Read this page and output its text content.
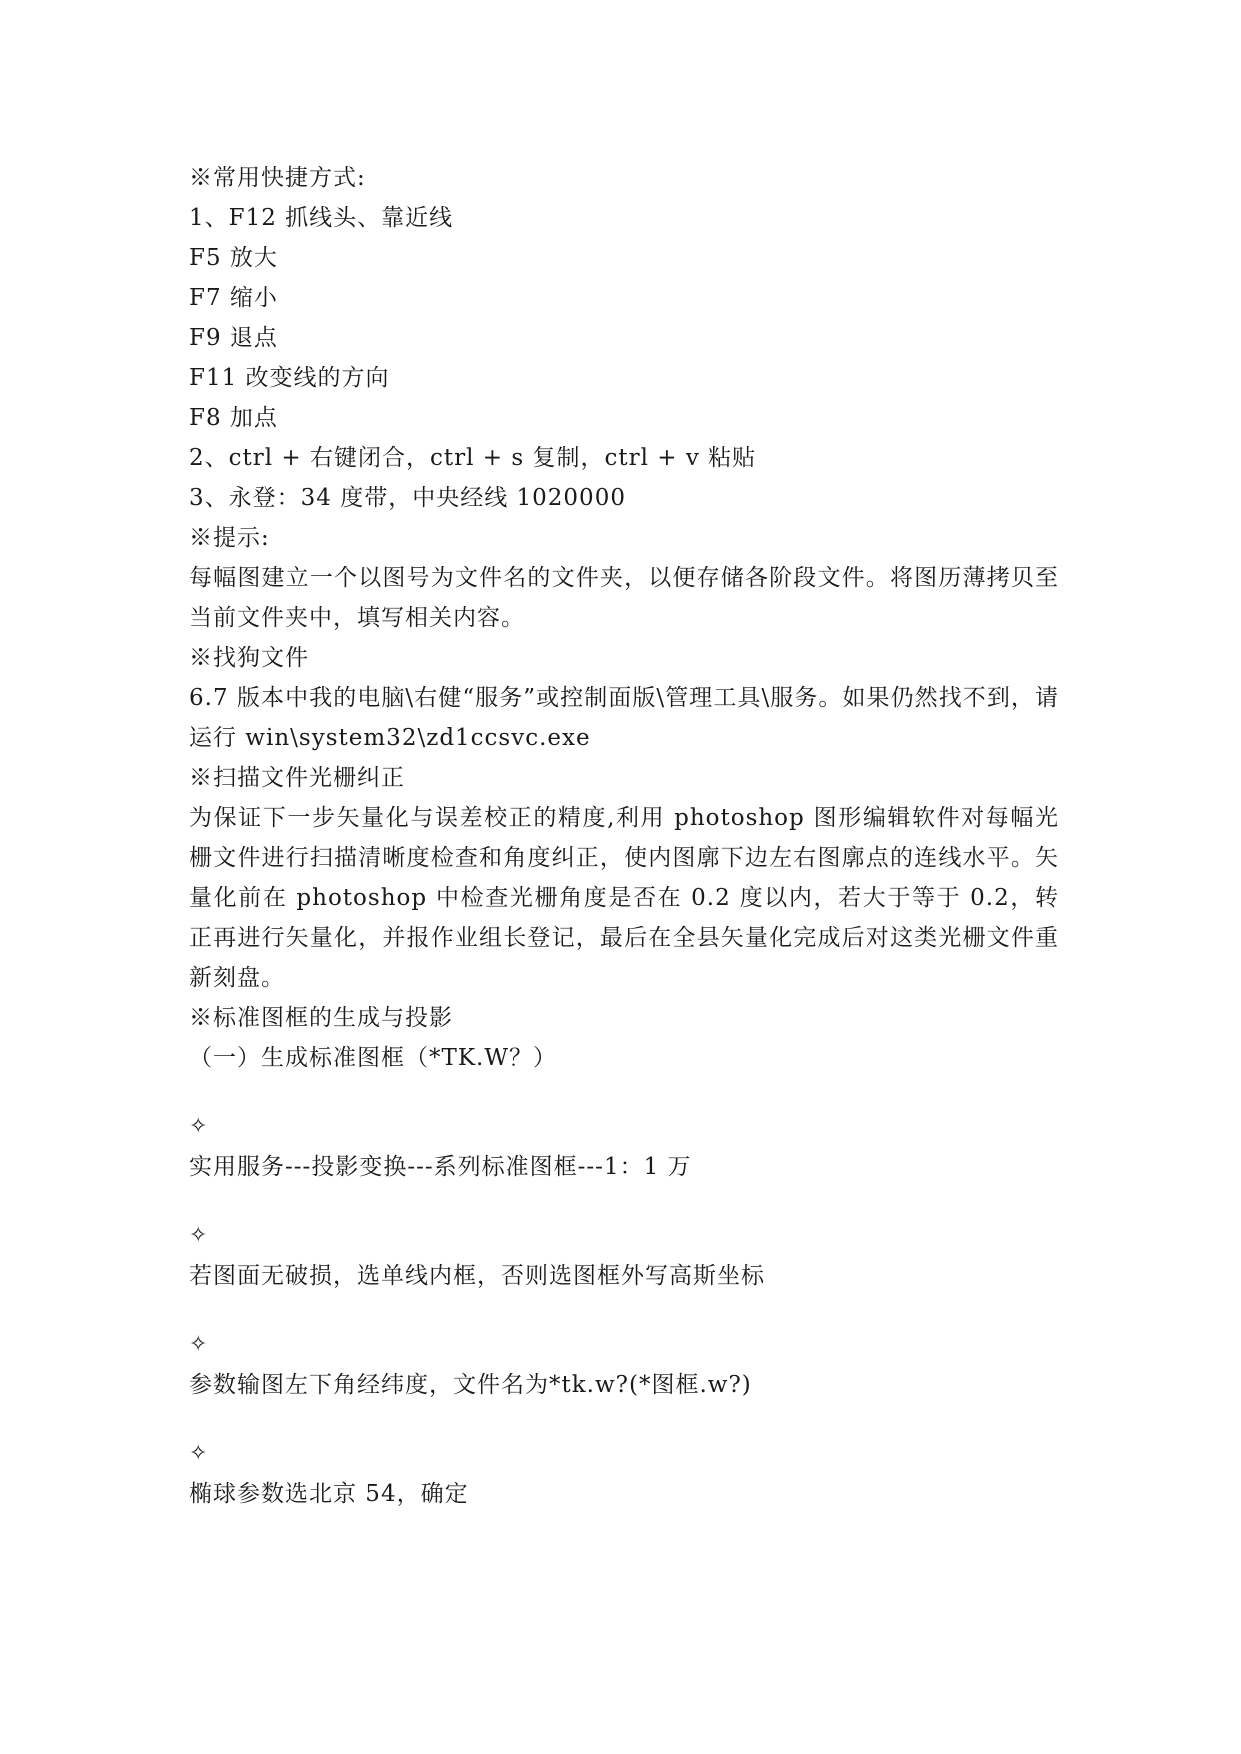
※常用快捷方式:
1、F12 抓线头、靠近线
F5 放大
F7 缩小
F9 退点
F11 改变线的方向
F8 加点
2、ctrl + 右键闭合，ctrl + s 复制，ctrl + v 粘贴
3、永登：34 度带，中央经线 1020000
※提示:
每幅图建立一个以图号为文件名的文件夹，以便存储各阶段文件。将图历薄拷贝至当前文件夹中，填写相关内容。
※找狗文件
6.7 版本中我的电脑\右健“服务”或控制面版\管理工具\服务。如果仍然找不到，请运行 win\system32\zd1ccsvc.exe
※扫描文件光栅纠正
为保证下一步矢量化与误差校正的精度,利用 photoshop 图形编辑软件对每幅光栅文件进行扫描清晰度检查和角度纠正，使内图廓下边左右图廓点的连线水平。矢量化前在 photoshop 中检查光栅角度是否在 0.2 度以内，若大于等于 0.2，转正再进行矢量化，并报作业组长登记，最后在全县矢量化完成后对这类光栅文件重新刻盘。
※标准图框的生成与投影
（一）生成标准图框（*TK.W？）
✧
实用服务---投影变换---系列标准图框---1：1 万
✧
若图面无破损，选单线内框，否则选图框外写高斯坐标
✧
参数输图左下角经纬度，文件名为*tk.w?(*图框.w?)
✧
椭球参数选北京 54，确定
